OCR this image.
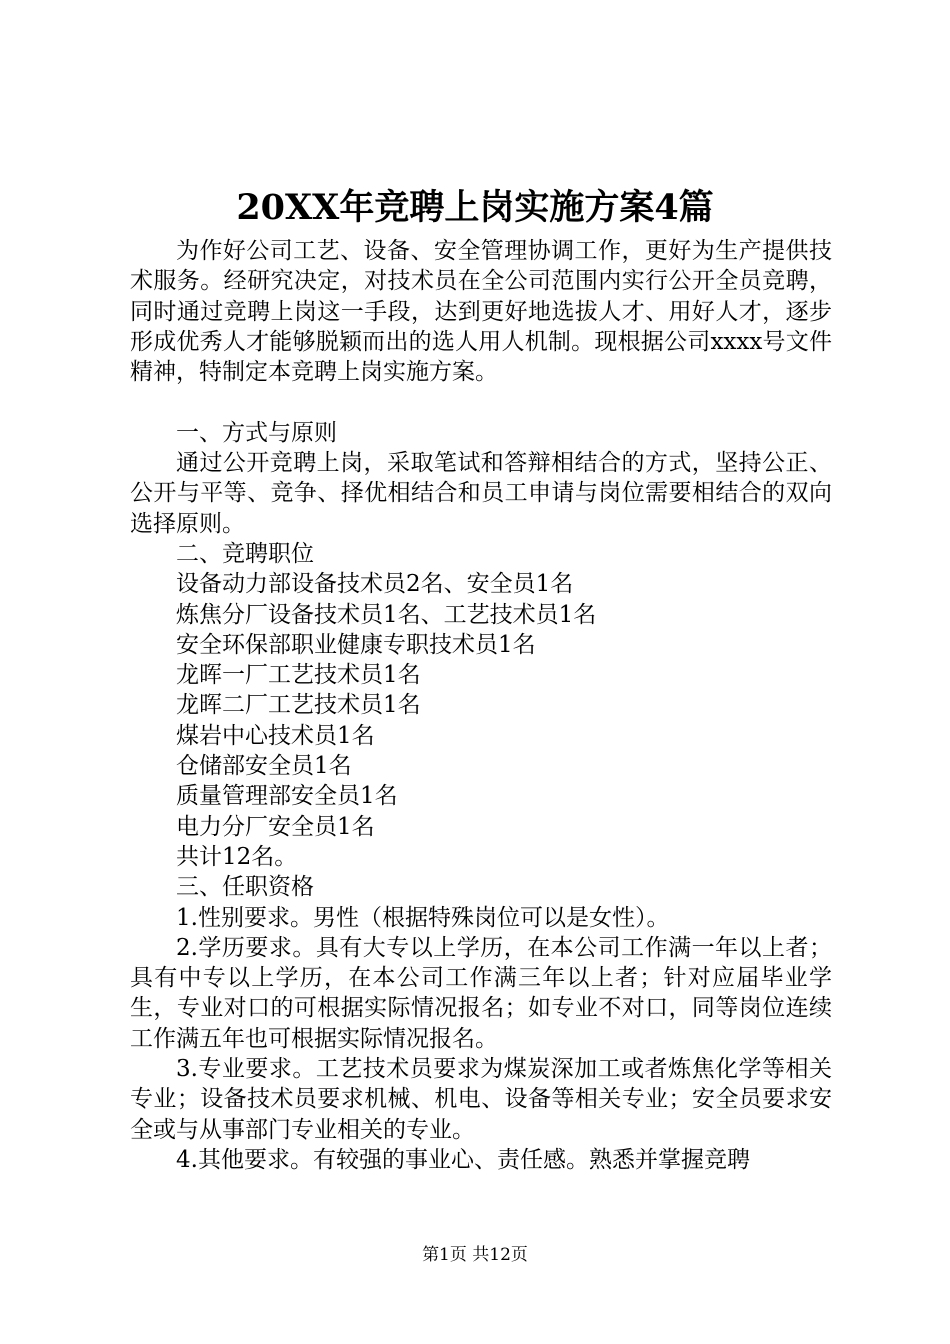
20XX年竞聘上岗实施方案4篇

为作好公司工艺、设备、安全管理协调工作，更好为生产提供技术服务。经研究决定，对技术员在全公司范围内实行公开全员竞聘，同时通过竞聘上岗这一手段，达到更好地选拔人才、用好人才，逐步形成优秀人才能够脱颖而出的选人用人机制。现根据公司xxxx号文件精神，特制定本竞聘上岗实施方案。

一、方式与原则

通过公开竞聘上岗，采取笔试和答辩相结合的方式，坚持公正、公开与平等、竞争、择优相结合和员工申请与岗位需要相结合的双向选择原则。

二、竞聘职位

设备动力部设备技术员2名、安全员1名

炼焦分厂设备技术员1名、工艺技术员1名

安全环保部职业健康专职技术员1名

龙晖一厂工艺技术员1名

龙晖二厂工艺技术员1名

煤岩中心技术员1名

仓储部安全员1名

质量管理部安全员1名

电力分厂安全员1名

共计12名。

三、任职资格

1.性别要求。男性（根据特殊岗位可以是女性）。

2.学历要求。具有大专以上学历，在本公司工作满一年以上者；具有中专以上学历，在本公司工作满三年以上者；针对应届毕业学生，专业对口的可根据实际情况报名；如专业不对口，同等岗位连续工作满五年也可根据实际情况报名。

3.专业要求。工艺技术员要求为煤炭深加工或者炼焦化学等相关专业；设备技术员要求机械、机电、设备等相关专业；安全员要求安全或与从事部门专业相关的专业。

4.其他要求。有较强的事业心、责任感。熟悉并掌握竞聘

第1页 共12页
